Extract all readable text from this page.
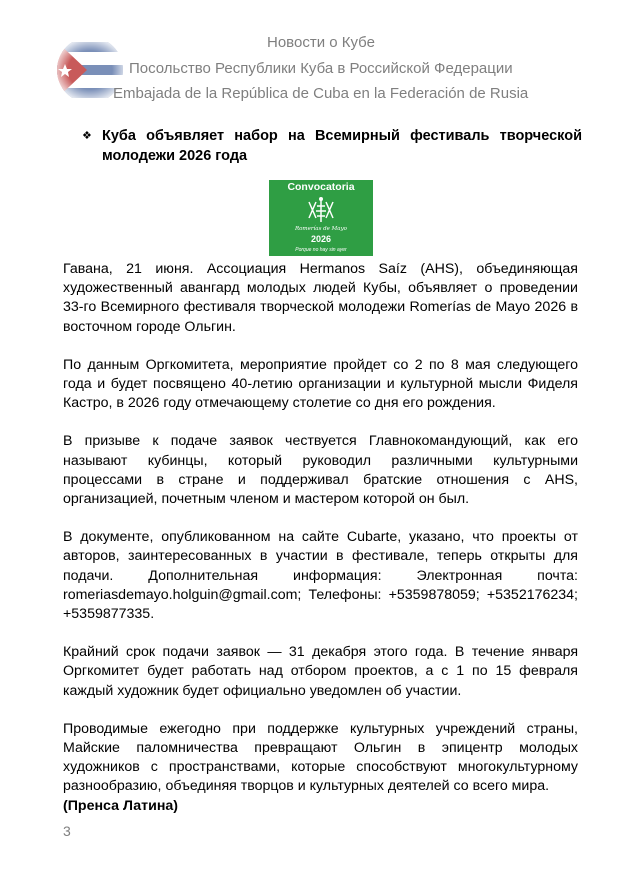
Новости о Кубе
Посольство Республики Куба в Российской Федерации
Embajada de la República de Cuba en la Federación de Rusia
❖ Куба объявляет набор на Всемирный фестиваль творческой молодежи 2026 года
Convocatoria
Romerías de Mayo
2026
Porque no hay sin ayer

Гавана, 21 июня. Ассоциация Hermanos Saíz (AHS), объединяющая художественный авангард молодых людей Кубы, объявляет о проведении 33-го Всемирного фестиваля творческой молодежи Romerías de Mayo 2026 в восточном городе Ольгин.

По данным Оргкомитета, мероприятие пройдет со 2 по 8 мая следующего года и будет посвящено 40-летию организации и культурной мысли Фиделя Кастро, в 2026 году отмечающему столетие со дня его рождения.

В призыве к подаче заявок чествуется Главнокомандующий, как его называют кубинцы, который руководил различными культурными процессами в стране и поддерживал братские отношения с AHS, организацией, почетным членом и мастером которой он был.

В документе, опубликованном на сайте Cubarte, указано, что проекты от авторов, заинтересованных в участии в фестивале, теперь открыты для подачи. Дополнительная информация: Электронная почта: romeriasdemayo.holguin@gmail.com; Телефоны: +5359878059; +5352176234; +5359877335.

Крайний срок подачи заявок — 31 декабря этого года. В течение января Оргкомитет будет работать над отбором проектов, а с 1 по 15 февраля каждый художник будет официально уведомлен об участии.

Проводимые ежегодно при поддержке культурных учреждений страны, Майские паломничества превращают Ольгин в эпицентр молодых художников с пространствами, которые способствуют многокультурному разнообразию, объединяя творцов и культурных деятелей со всего мира.

(Пренса Латина)
3
